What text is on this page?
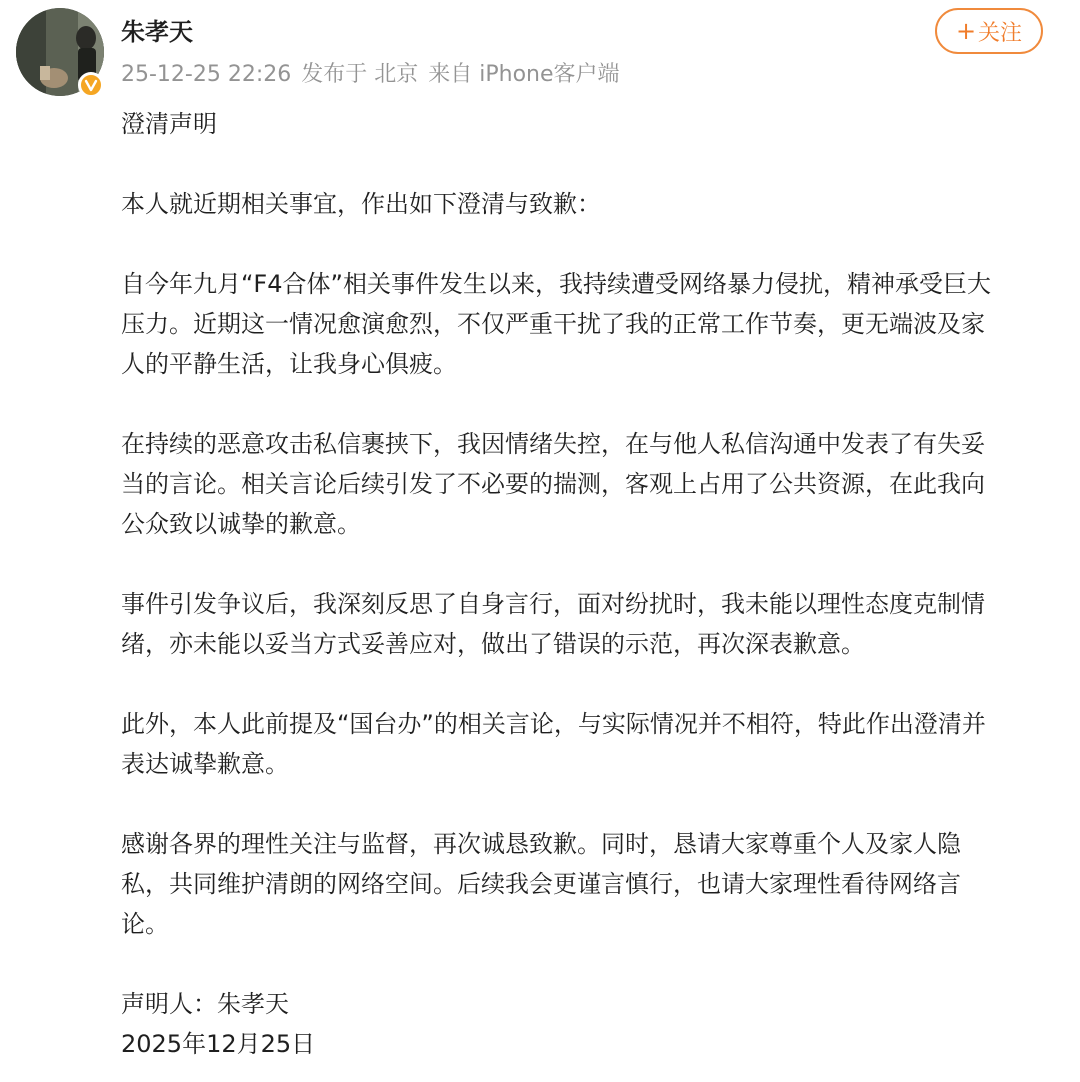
朱孝天
25-12-25 22:26 发布于 北京 来自 iPhone客户端
+ 关注

澄清声明

本人就近期相关事宜，作出如下澄清与致歉：

自今年九月“F4合体”相关事件发生以来，我持续遭受网络暴力侵扰，精神承受巨大

压力。近期这一情况愈演愈烈，不仅严重干扰了我的正常工作节奏，更无端波及家

人的平静生活，让我身心俱疲。

在持续的恶意攻击私信裹挟下，我因情绪失控，在与他人私信沟通中发表了有失妥

当的言论。相关言论后续引发了不必要的揣测，客观上占用了公共资源，在此我向

公众致以诚挚的歉意。

事件引发争议后，我深刻反思了自身言行，面对纷扰时，我未能以理性态度克制情

绪，亦未能以妥当方式妥善应对，做出了错误的示范，再次深表歉意。

此外，本人此前提及“国台办”的相关言论，与实际情况并不相符，特此作出澄清并

表达诚挚歉意。

感谢各界的理性关注与监督，再次诚恳致歉。同时，恳请大家尊重个人及家人隐

私，共同维护清朗的网络空间。后续我会更谨言慎行，也请大家理性看待网络言

论。

声明人：朱孝天

2025年12月25日
